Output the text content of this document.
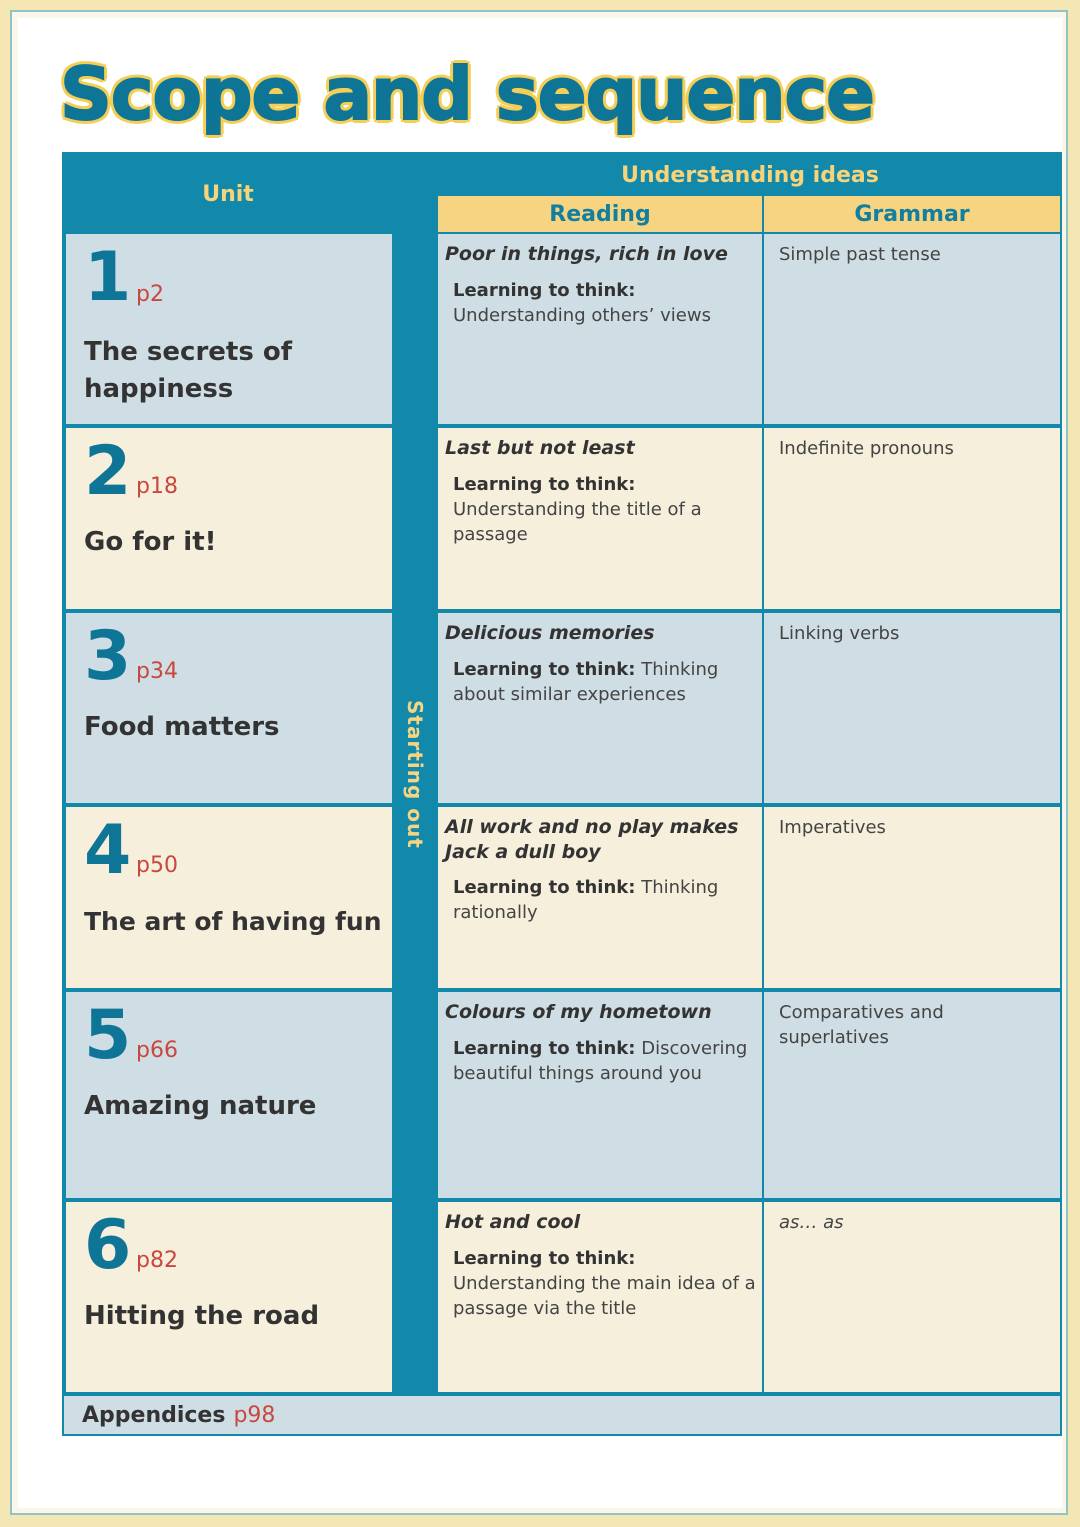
Scope and sequence
Unit
Understanding ideas
Reading	Grammar
Starting out
1 p2
The secrets of happiness
Poor in things, rich in love
Learning to think: Understanding others’ views
Simple past tense
2 p18
Go for it!
Last but not least
Learning to think: Understanding the title of a passage
Indefinite pronouns
3 p34
Food matters
Delicious memories
Learning to think: Thinking about similar experiences
Linking verbs
4 p50
The art of having fun
All work and no play makes Jack a dull boy
Learning to think: Thinking rationally
Imperatives
5 p66
Amazing nature
Colours of my hometown
Learning to think: Discovering beautiful things around you
Comparatives and superlatives
6 p82
Hitting the road
Hot and cool
Learning to think: Understanding the main idea of a passage via the title
as… as
Appendices p98
